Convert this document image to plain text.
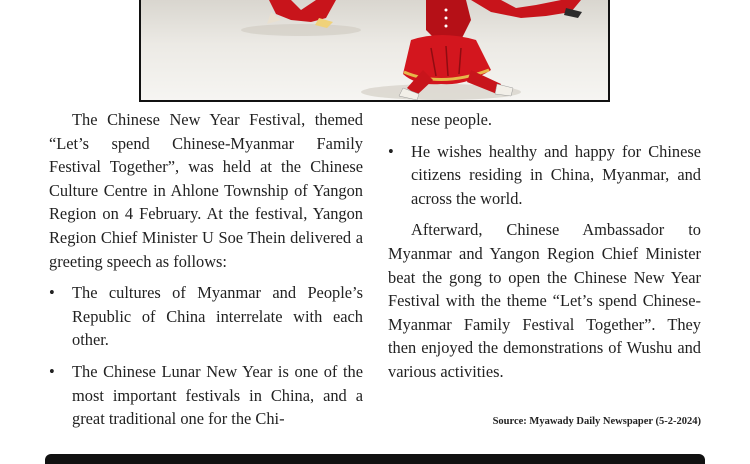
The Chinese New Year Festival, themed “Let’s spend Chinese-Myanmar Family Festival Together”, was held at the Chinese Culture Centre in Ahlone Township of Yangon Region on 4 February. At the festival, Yangon Region Chief Minister U Soe Thein delivered a greeting speech as follows:

• The cultures of Myanmar and People’s Republic of China interrelate with each other.
• The Chinese Lunar New Year is one of the most important festivals in China, and a great traditional one for the Chi-
nese people.
• He wishes healthy and happy for Chinese citizens residing in China, Myanmar, and across the world.

Afterward, Chinese Ambassador to Myanmar and Yangon Region Chief Minister beat the gong to open the Chinese New Year Festival with the theme “Let’s spend Chinese-Myanmar Family Festival Together”. They then enjoyed the demonstrations of Wushu and various activities.

Source: Myawady Daily Newspaper (5-2-2024)
